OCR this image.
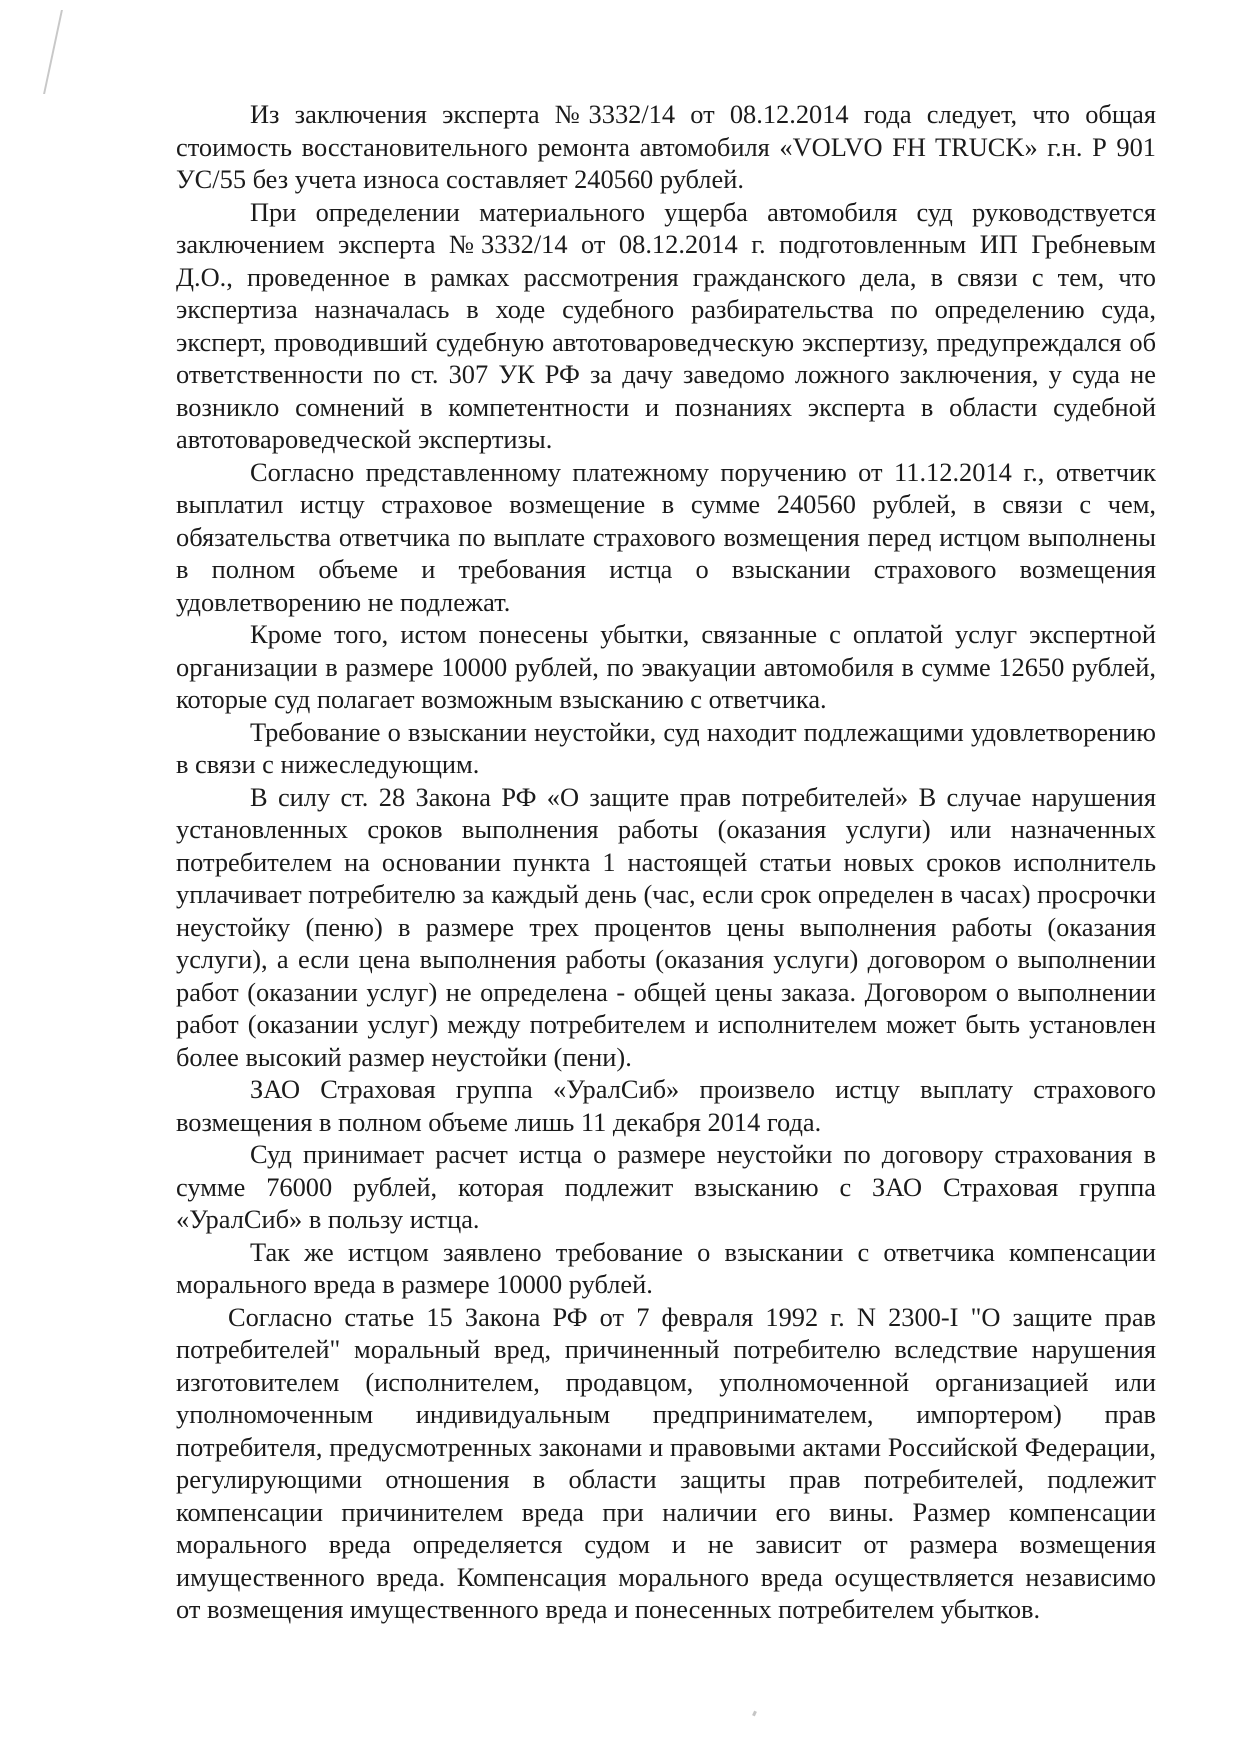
Из заключения эксперта №3332/14 от 08.12.2014 года следует, что общая стоимость восстановительного ремонта автомобиля «VOLVO FH TRUCK» г.н. Р 901 УС/55 без учета износа составляет 240560 рублей.

При определении материального ущерба автомобиля суд руководствуется заключением эксперта №3332/14 от 08.12.2014 г. подготовленным ИП Гребневым Д.О., проведенное в рамках рассмотрения гражданского дела, в связи с тем, что экспертиза назначалась в ходе судебного разбирательства по определению суда, эксперт, проводивший судебную автотовароведческую экспертизу, предупреждался об ответственности по ст. 307 УК РФ за дачу заведомо ложного заключения, у суда не возникло сомнений в компетентности и познаниях эксперта в области судебной автотовароведческой экспертизы.

Согласно представленному платежному поручению от 11.12.2014 г., ответчик выплатил истцу страховое возмещение в сумме 240560 рублей, в связи с чем, обязательства ответчика по выплате страхового возмещения перед истцом выполнены в полном объеме и требования истца о взыскании страхового возмещения удовлетворению не подлежат.

Кроме того, истом понесены убытки, связанные с оплатой услуг экспертной организации в размере 10000 рублей, по эвакуации автомобиля в сумме 12650 рублей, которые суд полагает возможным взысканию с ответчика.

Требование о взыскании неустойки, суд находит подлежащими удовлетворению в связи с нижеследующим.

В силу ст. 28 Закона РФ «О защите прав потребителей» В случае нарушения установленных сроков выполнения работы (оказания услуги) или назначенных потребителем на основании пункта 1 настоящей статьи новых сроков исполнитель уплачивает потребителю за каждый день (час, если срок определен в часах) просрочки неустойку (пеню) в размере трех процентов цены выполнения работы (оказания услуги), а если цена выполнения работы (оказания услуги) договором о выполнении работ (оказании услуг) не определена - общей цены заказа. Договором о выполнении работ (оказании услуг) между потребителем и исполнителем может быть установлен более высокий размер неустойки (пени).

ЗАО Страховая группа «УралСиб» произвело истцу выплату страхового возмещения в полном объеме лишь 11 декабря 2014 года.

Суд принимает расчет истца о размере неустойки по договору страхования в сумме 76000 рублей, которая подлежит взысканию с ЗАО Страховая группа «УралСиб» в пользу истца.

Так же истцом заявлено требование о взыскании с ответчика компенсации морального вреда в размере 10000 рублей.

Согласно статье 15 Закона РФ от 7 февраля 1992 г. N 2300-I "О защите прав потребителей" моральный вред, причиненный потребителю вследствие нарушения изготовителем (исполнителем, продавцом, уполномоченной организацией или уполномоченным индивидуальным предпринимателем, импортером) прав потребителя, предусмотренных законами и правовыми актами Российской Федерации, регулирующими отношения в области защиты прав потребителей, подлежит компенсации причинителем вреда при наличии его вины. Размер компенсации морального вреда определяется судом и не зависит от размера возмещения имущественного вреда. Компенсация морального вреда осуществляется независимо от возмещения имущественного вреда и понесенных потребителем убытков.
